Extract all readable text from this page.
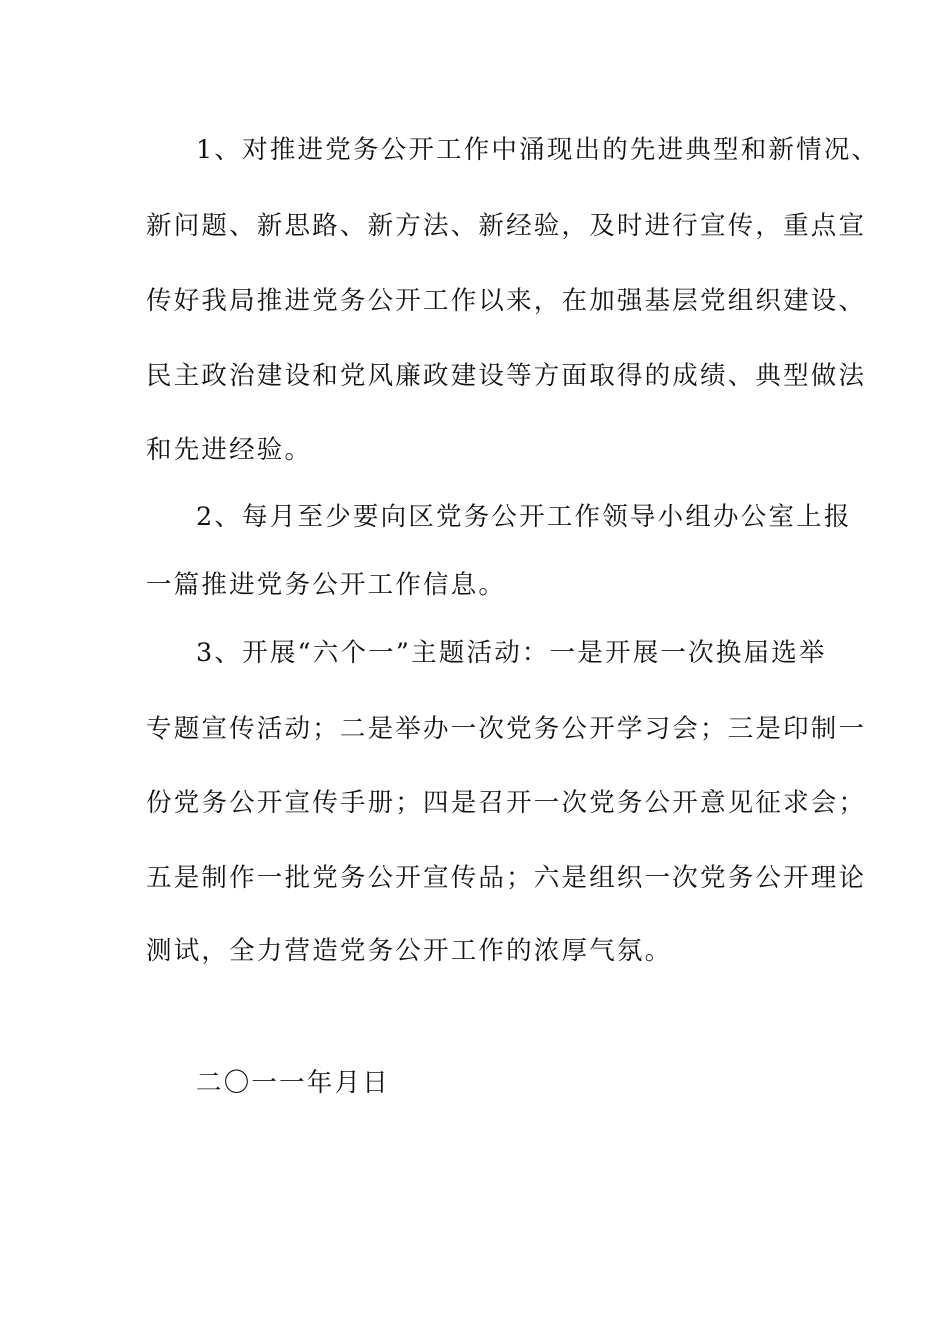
1、对推进党务公开工作中涌现出的先进典型和新情况、
新问题、新思路、新方法、新经验，及时进行宣传，重点宣
传好我局推进党务公开工作以来，在加强基层党组织建设、
民主政治建设和党风廉政建设等方面取得的成绩、典型做法
和先进经验。
2、每月至少要向区党务公开工作领导小组办公室上报
一篇推进党务公开工作信息。
3、开展“六个一”主题活动：一是开展一次换届选举
专题宣传活动；二是举办一次党务公开学习会；三是印制一
份党务公开宣传手册；四是召开一次党务公开意见征求会；
五是制作一批党务公开宣传品；六是组织一次党务公开理论
测试，全力营造党务公开工作的浓厚气氛。
二〇一一年月日
